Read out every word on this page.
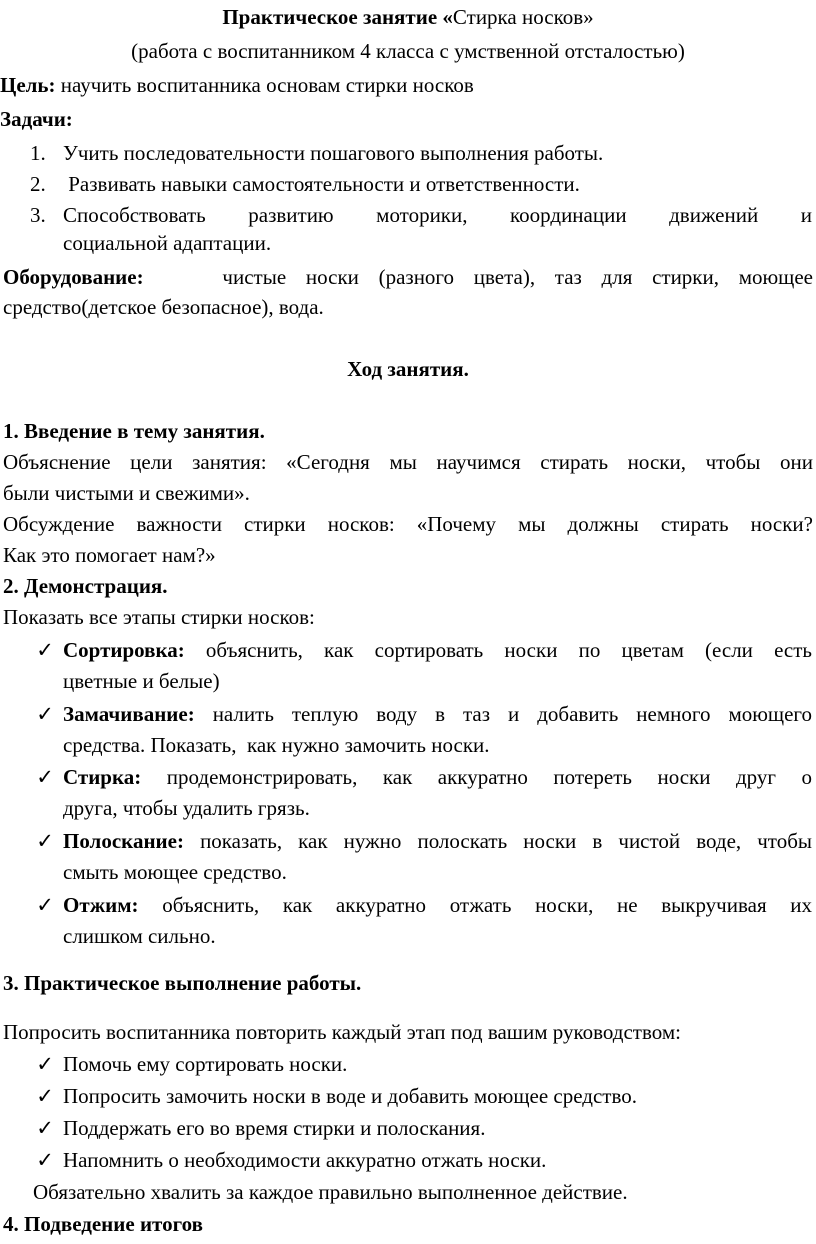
Практическое занятие «Стирка носков»
(работа с воспитанником 4 класса с умственной отсталостью)
Цель: научить воспитанника основам стирки носков
Задачи:
1. Учить последовательности пошагового выполнения работы.
2. Развивать навыки самостоятельности и ответственности.
3. Способствовать развитию моторики, координации движений и
социальной адаптации.
Оборудование:	чистые носки (разного цвета), таз для стирки, моющее
средство(детское безопасное), вода.
Ход занятия.
1. Введение в тему занятия.
Объяснение цели занятия: «Сегодня мы научимся стирать носки, чтобы они
были чистыми и свежими».
Обсуждение важности стирки носков: «Почему мы должны стирать носки?
Как это помогает нам?»
2. Демонстрация.
Показать все этапы стирки носков:
✓ Сортировка: объяснить, как сортировать носки по цветам (если есть
цветные и белые)
✓ Замачивание: налить теплую воду в таз и добавить немного моющего
средства. Показать,  как нужно замочить носки.
✓ Стирка: продемонстрировать, как аккуратно потереть носки друг о
друга, чтобы удалить грязь.
✓ Полоскание: показать, как нужно полоскать носки в чистой воде, чтобы
смыть моющее средство.
✓ Отжим: объяснить, как аккуратно отжать носки, не выкручивая их
слишком сильно.
3. Практическое выполнение работы.
Попросить воспитанника повторить каждый этап под вашим руководством:
✓ Помочь ему сортировать носки.
✓ Попросить замочить носки в воде и добавить моющее средство.
✓ Поддержать его во время стирки и полоскания.
✓ Напомнить о необходимости аккуратно отжать носки.
Обязательно хвалить за каждое правильно выполненное действие.
4. Подведение итогов
